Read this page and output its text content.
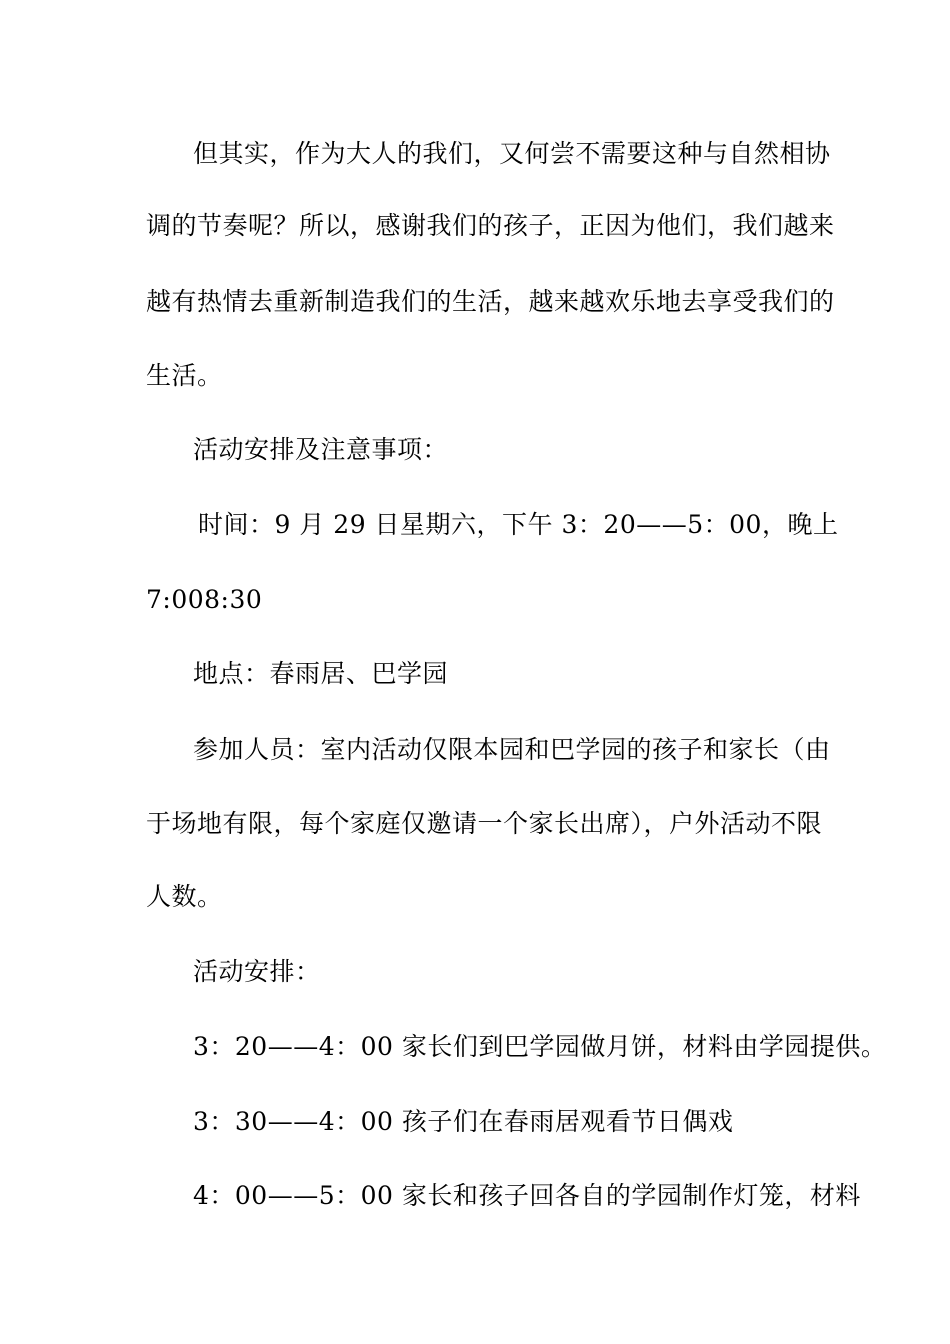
但其实，作为大人的我们，又何尝不需要这种与自然相协
调的节奏呢？所以，感谢我们的孩子，正因为他们，我们越来
越有热情去重新制造我们的生活，越来越欢乐地去享受我们的
生活。
活动安排及注意事项：
时间：9 月 29 日星期六，下午 3：20——5：00，晚上
7:008:30
地点：春雨居、巴学园
参加人员：室内活动仅限本园和巴学园的孩子和家长（由
于场地有限，每个家庭仅邀请一个家长出席），户外活动不限
人数。
活动安排：
3：20——4：00 家长们到巴学园做月饼，材料由学园提供。
3：30——4：00 孩子们在春雨居观看节日偶戏
4：00——5：00 家长和孩子回各自的学园制作灯笼，材料
